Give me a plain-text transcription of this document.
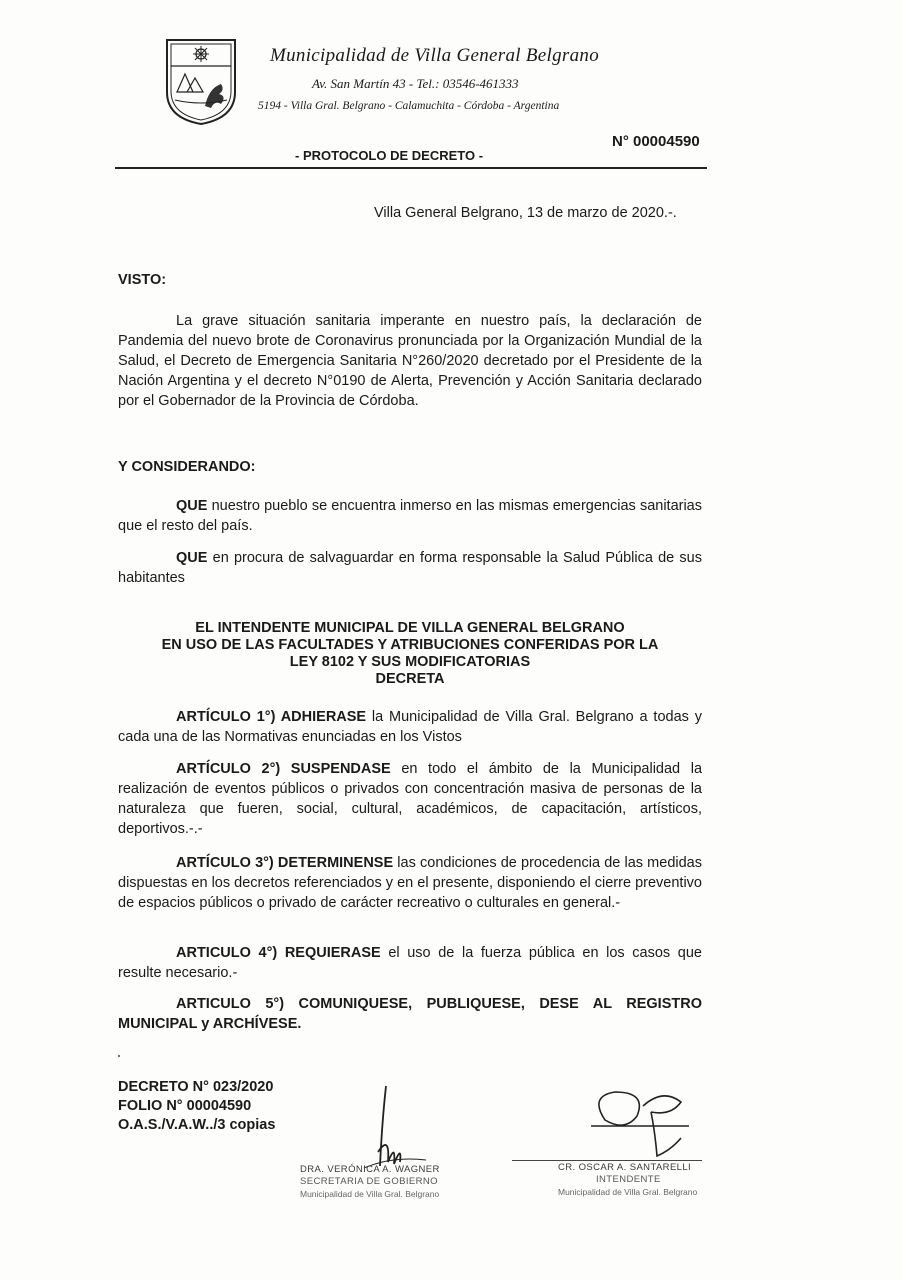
Municipalidad de Villa General Belgrano
Av. San Martín 43 - Tel.: 03546-461333
5194 - Villa Gral. Belgrano - Calamuchita - Córdoba - Argentina
N° 00004590
- PROTOCOLO DE DECRETO -
Villa General Belgrano, 13 de marzo de 2020.-.
VISTO:

La grave situación sanitaria imperante en nuestro país, la declaración de Pandemia del nuevo brote de Coronavirus pronunciada por la Organización Mundial de la Salud, el Decreto de Emergencia Sanitaria N°260/2020 decretado por el Presidente de la Nación Argentina y el decreto N°0190 de Alerta, Prevención y Acción Sanitaria declarado por el Gobernador de la Provincia de Córdoba.

Y CONSIDERANDO:

QUE nuestro pueblo se encuentra inmerso en las mismas emergencias sanitarias que el resto del país.

QUE en procura de salvaguardar en forma responsable la Salud Pública de sus habitantes

EL INTENDENTE MUNICIPAL DE VILLA GENERAL BELGRANO
EN USO DE LAS FACULTADES Y ATRIBUCIONES CONFERIDAS POR LA
LEY 8102 Y SUS MODIFICATORIAS
DECRETA

ARTÍCULO 1°) ADHIERASE la Municipalidad de Villa Gral. Belgrano a todas y cada una de las Normativas enunciadas en los Vistos

ARTÍCULO 2°) SUSPENDASE en todo el ámbito de la Municipalidad la realización de eventos públicos o privados con concentración masiva de personas de la naturaleza que fueren, social, cultural, académicos, de capacitación, artísticos, deportivos.-.-

ARTÍCULO 3°) DETERMINENSE las condiciones de procedencia de las medidas dispuestas en los decretos referenciados y en el presente, disponiendo el cierre preventivo de espacios públicos o privado de carácter recreativo o culturales en general.-

ARTICULO 4°) REQUIERASE el uso de la fuerza pública en los casos que resulte necesario.-

ARTICULO 5°) COMUNIQUESE, PUBLIQUESE, DESE AL REGISTRO MUNICIPAL y ARCHÍVESE.

DECRETO N° 023/2020
FOLIO N° 00004590
O.A.S./V.A.W../3 copias
DRA. VERÓNICA A. WAGNER
SECRETARIA DE GOBIERNO
Municipalidad de Villa Gral. Belgrano
CR. OSCAR A. SANTARELLI
INTENDENTE
Municipalidad de Villa Gral. Belgrano
